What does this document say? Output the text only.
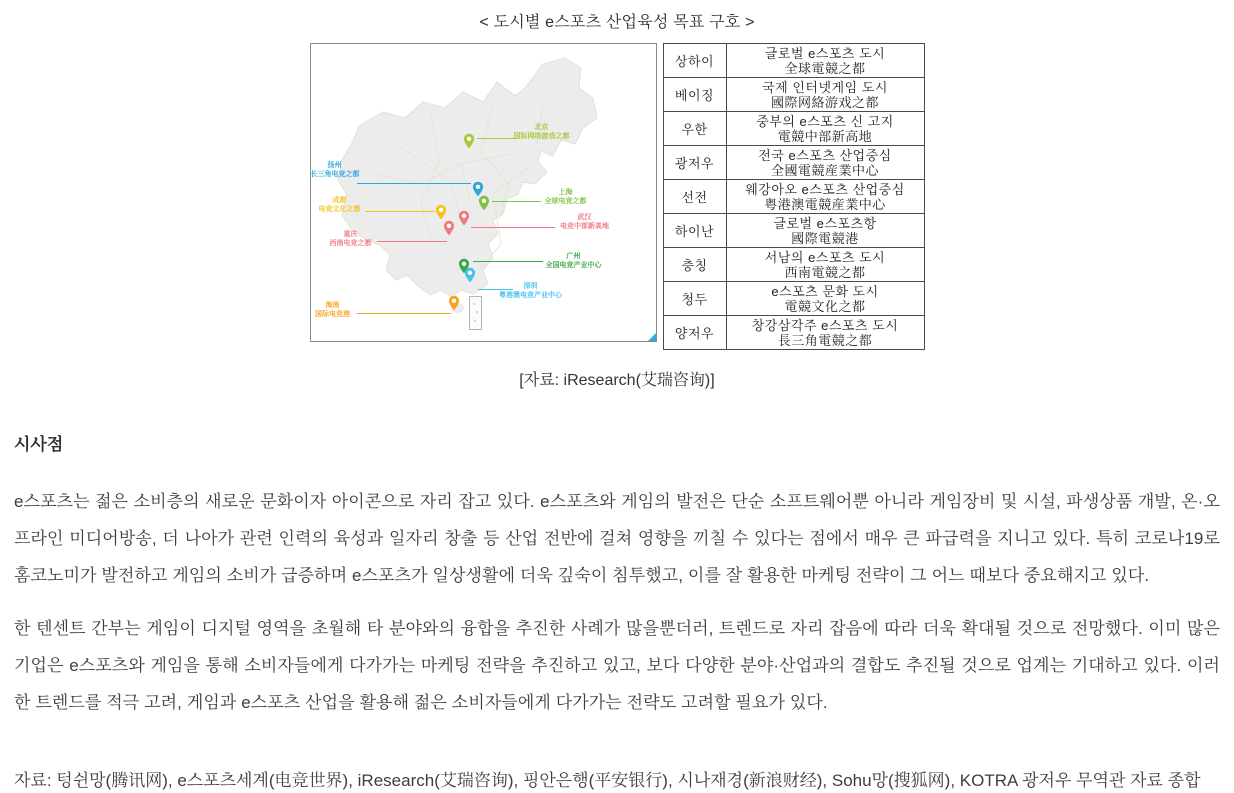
< 도시별 e스포츠 산업육성 목표 구호 >
北京
国际网络游戏之都
扬州
长三角电竞之都
上海
全球电竞之都
成都
电竞文化之都
武汉
电竞中部新高地
重庆
西南电竞之都
广州
全国电竞产业中心
深圳
粤港澳电竞产业中心
海南
国际电竞港
상하이	글로벌 e스포츠 도시
全球電競之都

베이징	국제 인터넷게임 도시
國際网絡游戏之都

우한	중부의 e스포츠 신 고지
電競中部新高地

광저우	전국 e스포츠 산업중심
全國電競産業中心

선전	웨강아오 e스포츠 산업중심
粤港澳電競産業中心

하이난	글로벌 e스포츠항
國際電競港

충칭	서남의 e스포츠 도시
西南電競之都

청두	e스포츠 문화 도시
電競文化之都

양저우	창강삼각주 e스포츠 도시
長三角電競之都
[자료: iResearch(艾瑞咨询)]
시사점

e스포츠는 젊은 소비층의 새로운 문화이자 아이콘으로 자리 잡고 있다. e스포츠와 게임의 발전은 단순 소프트웨어뿐 아니라 게임장비 및 시설, 파생상품 개발, 온·오프라인 미디어방송, 더 나아가 관련 인력의 육성과 일자리 창출 등 산업 전반에 걸쳐 영향을 끼칠 수 있다는 점에서 매우 큰 파급력을 지니고 있다. 특히 코로나19로 홈코노미가 발전하고 게임의 소비가 급증하며 e스포츠가 일상생활에 더욱 깊숙이 침투했고, 이를 잘 활용한 마케팅 전략이 그 어느 때보다 중요해지고 있다.

한 텐센트 간부는 게임이 디지털 영역을 초월해 타 분야와의 융합을 추진한 사례가 많을뿐더러, 트렌드로 자리 잡음에 따라 더욱 확대될 것으로 전망했다. 이미 많은 기업은 e스포츠와 게임을 통해 소비자들에게 다가가는 마케팅 전략을 추진하고 있고, 보다 다양한 분야·산업과의 결합도 추진될 것으로 업계는 기대하고 있다. 이러한 트렌드를 적극 고려, 게임과 e스포츠 산업을 활용해 젊은 소비자들에게 다가가는 전략도 고려할 필요가 있다.

자료: 텅쉰망(腾讯网), e스포츠세계(电竞世界), iResearch(艾瑞咨询), 핑안은행(平安银行), 시나재경(新浪财经), Sohu망(搜狐网), KOTRA 광저우 무역관 자료 종합
